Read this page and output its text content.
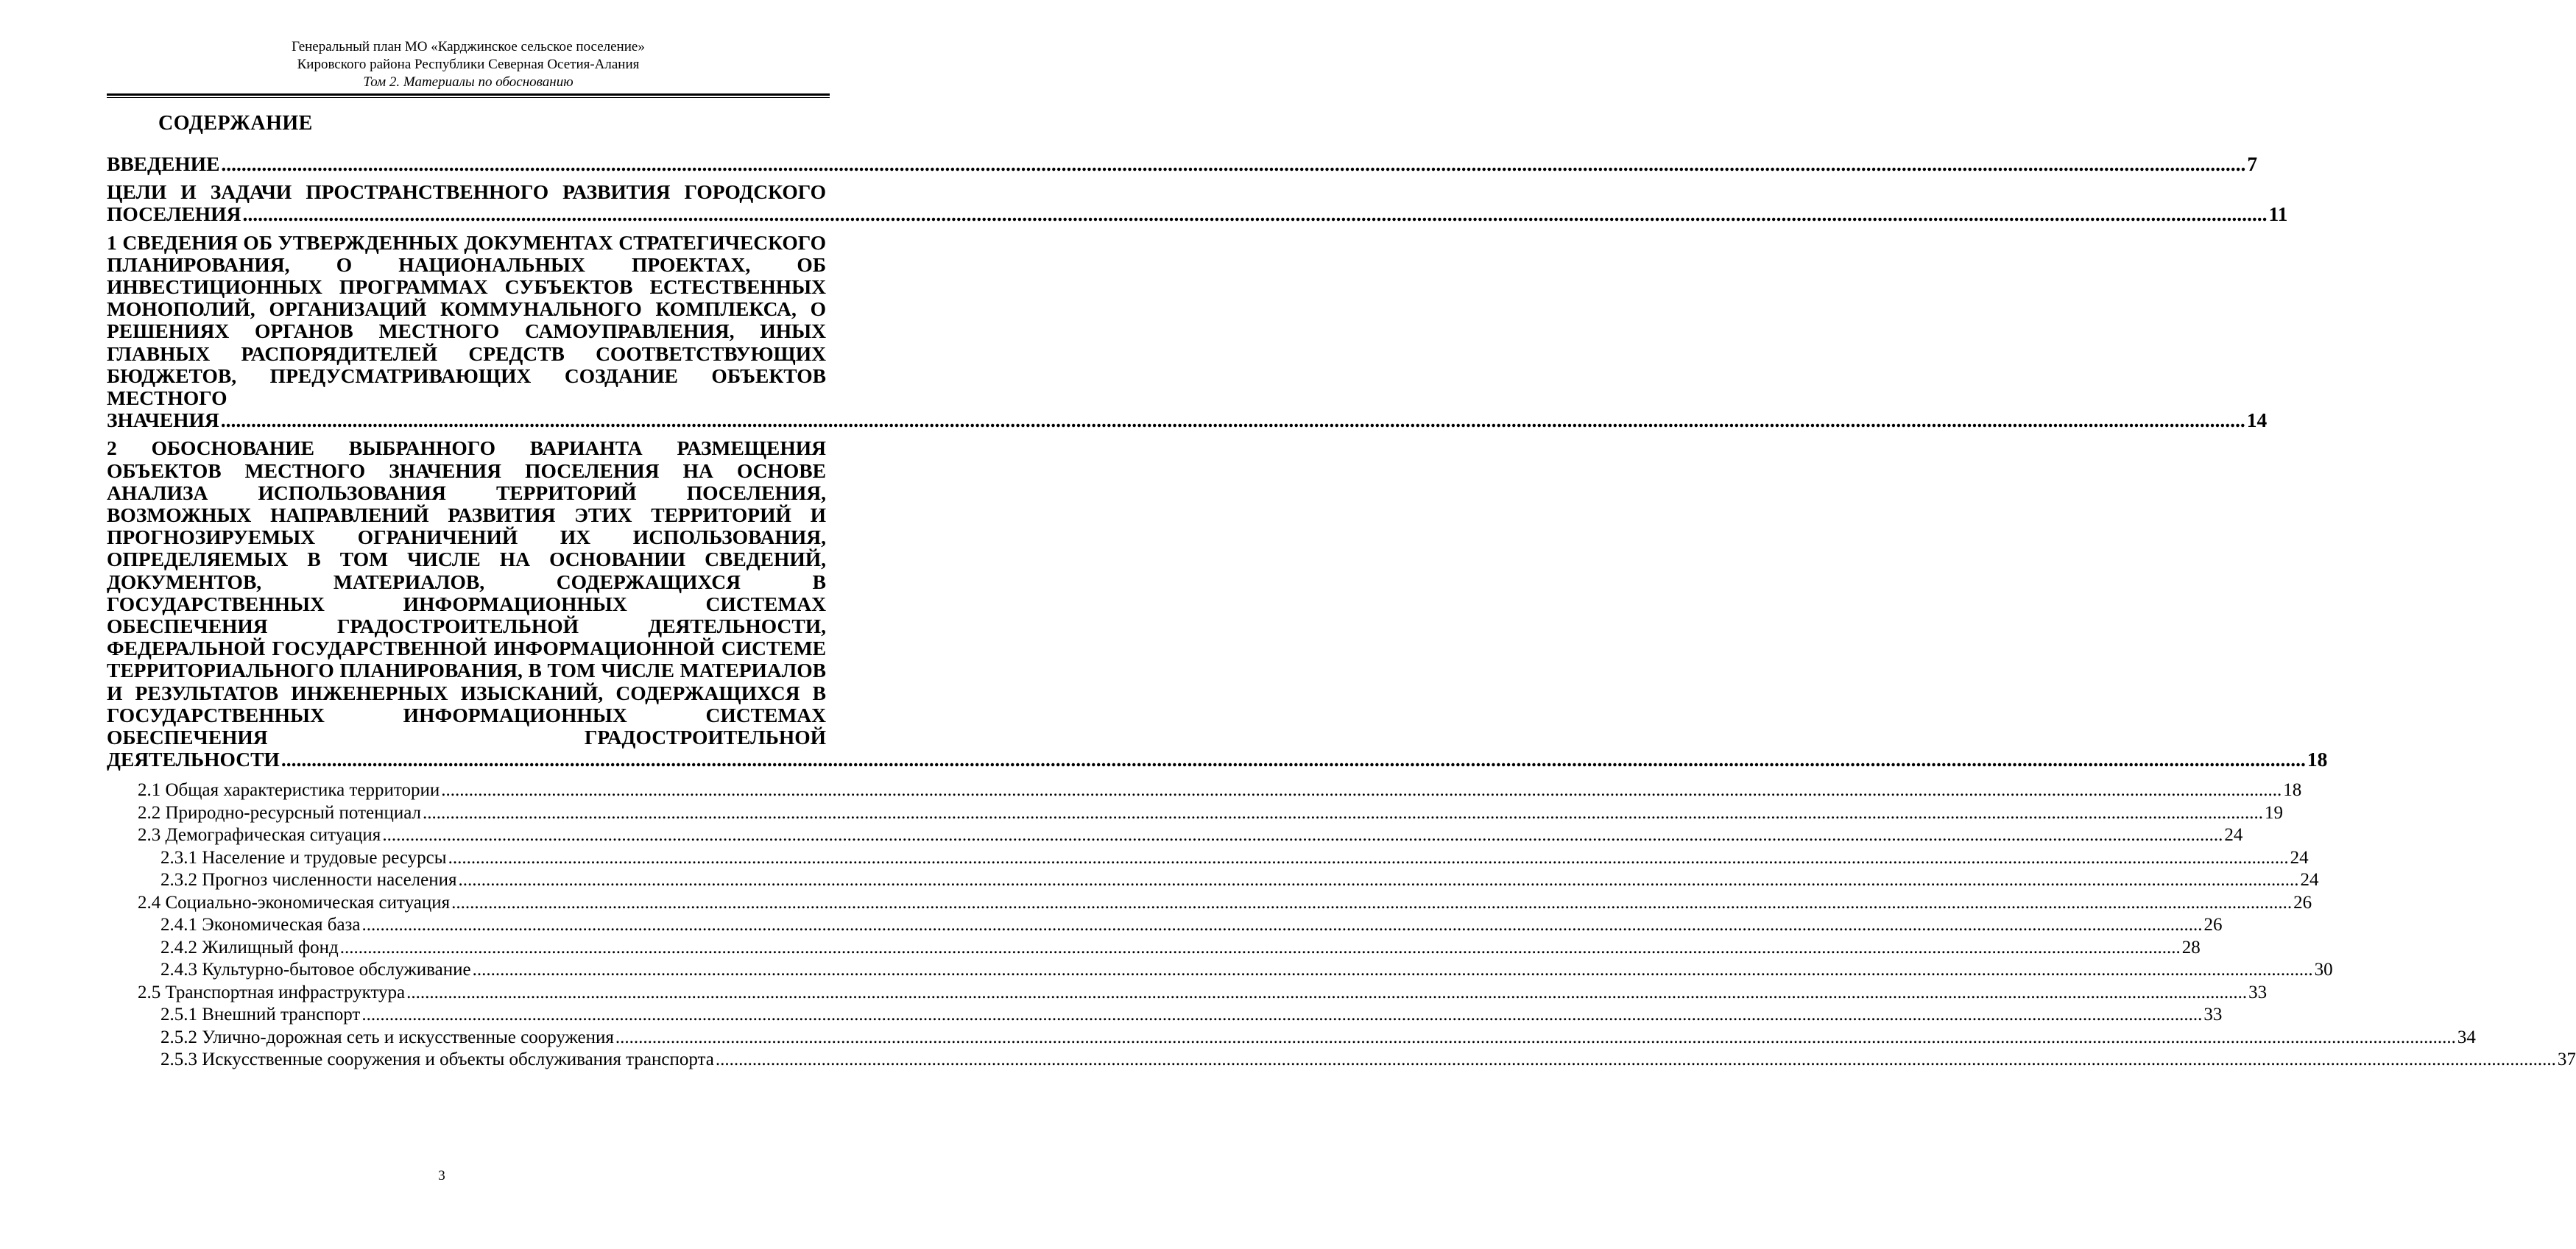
Генеральный план МО «Карджинское сельское поселение»
Кировского района Республики Северная Осетия-Алания
Том 2. Материалы по обоснованию
СОДЕРЖАНИЕ
ВВЕДЕНИЕ ................................................................................................................................................................................................................................................................................................................................................................................................................ 7
ЦЕЛИ И ЗАДАЧИ ПРОСТРАНСТВЕННОГО РАЗВИТИЯ ГОРОДСКОГО
ПОСЕЛЕНИЯ ................................................................................................................................................................................................................................................................................................................................................................................................................ 11
1 СВЕДЕНИЯ ОБ УТВЕРЖДЕННЫХ ДОКУМЕНТАХ СТРАТЕГИЧЕСКОГО ПЛАНИРОВАНИЯ, О НАЦИОНАЛЬНЫХ ПРОЕКТАХ, ОБ ИНВЕСТИЦИОННЫХ ПРОГРАММАХ СУБЪЕКТОВ ЕСТЕСТВЕННЫХ МОНОПОЛИЙ, ОРГАНИЗАЦИЙ КОММУНАЛЬНОГО КОМПЛЕКСА, О РЕШЕНИЯХ ОРГАНОВ МЕСТНОГО САМОУПРАВЛЕНИЯ, ИНЫХ ГЛАВНЫХ РАСПОРЯДИТЕЛЕЙ СРЕДСТВ СООТВЕТСТВУЮЩИХ БЮДЖЕТОВ, ПРЕДУСМАТРИВАЮЩИХ СОЗДАНИЕ ОБЪЕКТОВ МЕСТНОГО
ЗНАЧЕНИЯ ................................................................................................................................................................................................................................................................................................................................................................................................................ 14
2 ОБОСНОВАНИЕ ВЫБРАННОГО ВАРИАНТА РАЗМЕЩЕНИЯ ОБЪЕКТОВ МЕСТНОГО ЗНАЧЕНИЯ ПОСЕЛЕНИЯ НА ОСНОВЕ АНАЛИЗА ИСПОЛЬЗОВАНИЯ ТЕРРИТОРИЙ ПОСЕЛЕНИЯ, ВОЗМОЖНЫХ НАПРАВЛЕНИЙ РАЗВИТИЯ ЭТИХ ТЕРРИТОРИЙ И ПРОГНОЗИРУЕМЫХ ОГРАНИЧЕНИЙ ИХ ИСПОЛЬЗОВАНИЯ, ОПРЕДЕЛЯЕМЫХ В ТОМ ЧИСЛЕ НА ОСНОВАНИИ СВЕДЕНИЙ, ДОКУМЕНТОВ, МАТЕРИАЛОВ, СОДЕРЖАЩИХСЯ В ГОСУДАРСТВЕННЫХ ИНФОРМАЦИОННЫХ СИСТЕМАХ ОБЕСПЕЧЕНИЯ ГРАДОСТРОИТЕЛЬНОЙ ДЕЯТЕЛЬНОСТИ, ФЕДЕРАЛЬНОЙ ГОСУДАРСТВЕННОЙ ИНФОРМАЦИОННОЙ СИСТЕМЕ ТЕРРИТОРИАЛЬНОГО ПЛАНИРОВАНИЯ, В ТОМ ЧИСЛЕ МАТЕРИАЛОВ И РЕЗУЛЬТАТОВ ИНЖЕНЕРНЫХ ИЗЫСКАНИЙ, СОДЕРЖАЩИХСЯ В ГОСУДАРСТВЕННЫХ ИНФОРМАЦИОННЫХ СИСТЕМАХ ОБЕСПЕЧЕНИЯ ГРАДОСТРОИТЕЛЬНОЙ
ДЕЯТЕЛЬНОСТИ ................................................................................................................................................................................................................................................................................................................................................................................................................ 18
2.1 Общая характеристика территории ................................................................................................................................................................................................................................................................................................................................................................................................................ 18
2.2 Природно-ресурсный потенциал ................................................................................................................................................................................................................................................................................................................................................................................................................ 19
2.3 Демографическая ситуация ................................................................................................................................................................................................................................................................................................................................................................................................................ 24
2.3.1 Население и трудовые ресурсы ................................................................................................................................................................................................................................................................................................................................................................................................................ 24
2.3.2 Прогноз численности населения ................................................................................................................................................................................................................................................................................................................................................................................................................ 24
2.4 Социально-экономическая ситуация ................................................................................................................................................................................................................................................................................................................................................................................................................ 26
2.4.1 Экономическая база ................................................................................................................................................................................................................................................................................................................................................................................................................ 26
2.4.2 Жилищный фонд ................................................................................................................................................................................................................................................................................................................................................................................................................ 28
2.4.3 Культурно-бытовое обслуживание ................................................................................................................................................................................................................................................................................................................................................................................................................ 30
2.5 Транспортная инфраструктура ................................................................................................................................................................................................................................................................................................................................................................................................................ 33
2.5.1 Внешний транспорт ................................................................................................................................................................................................................................................................................................................................................................................................................ 33
2.5.2 Улично-дорожная сеть и искусственные сооружения ................................................................................................................................................................................................................................................................................................................................................................................................................ 34
2.5.3 Искусственные сооружения и объекты обслуживания транспорта ................................................................................................................................................................................................................................................................................................................................................................................................................ 37
3
